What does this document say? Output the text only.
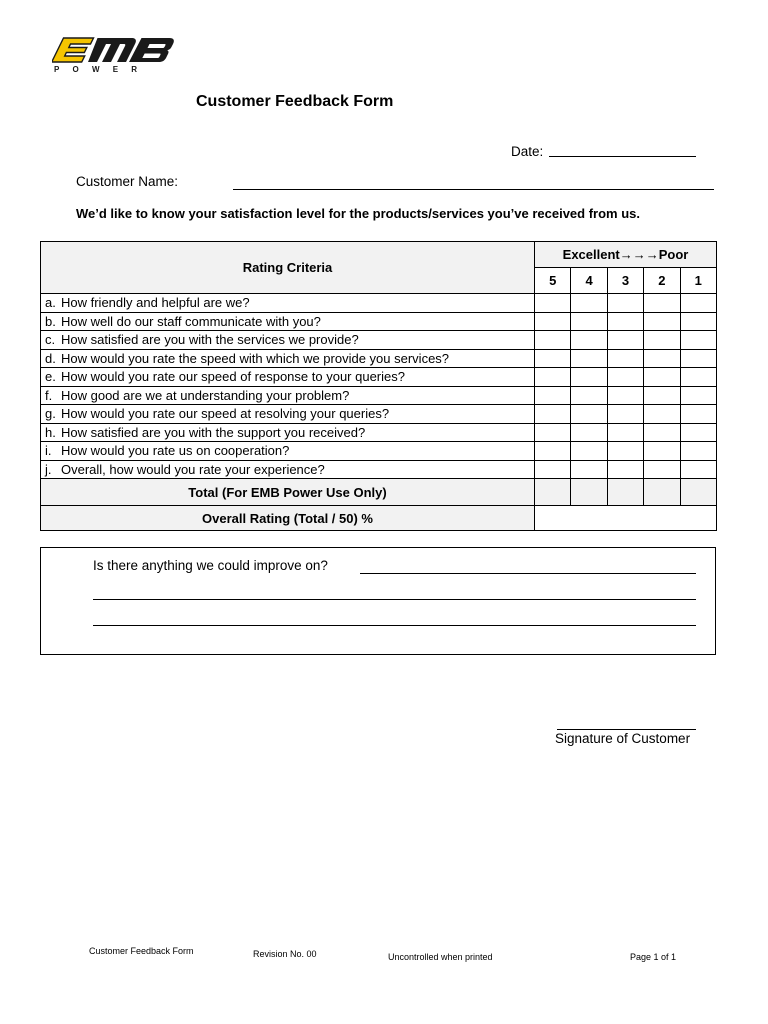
POWER
Customer Feedback Form
Date:
Customer Name:
We’d like to know your satisfaction level for the products/services you’ve received from us.
Rating Criteria	Excellent→→→Poor				
	5	4	3	2	1
a. How friendly and helpful are we?					
b. How well do our staff communicate with you?					
c. How satisfied are you with the services we provide?					
d. How would you rate the speed with which we provide you services?					
e. How would you rate our speed of response to your queries?					
f. How good are we at understanding your problem?					
g. How would you rate our speed at resolving your queries?					
h. How satisfied are you with the support you received?					
i. How would you rate us on cooperation?					
j. Overall, how would you rate your experience?					
Total (For EMB Power Use Only)					
Overall Rating (Total / 50) %					
Is there anything we could improve on?
Signature of Customer
Customer Feedback Form	Revision No. 00	Uncontrolled when printed	Page 1 of 1
